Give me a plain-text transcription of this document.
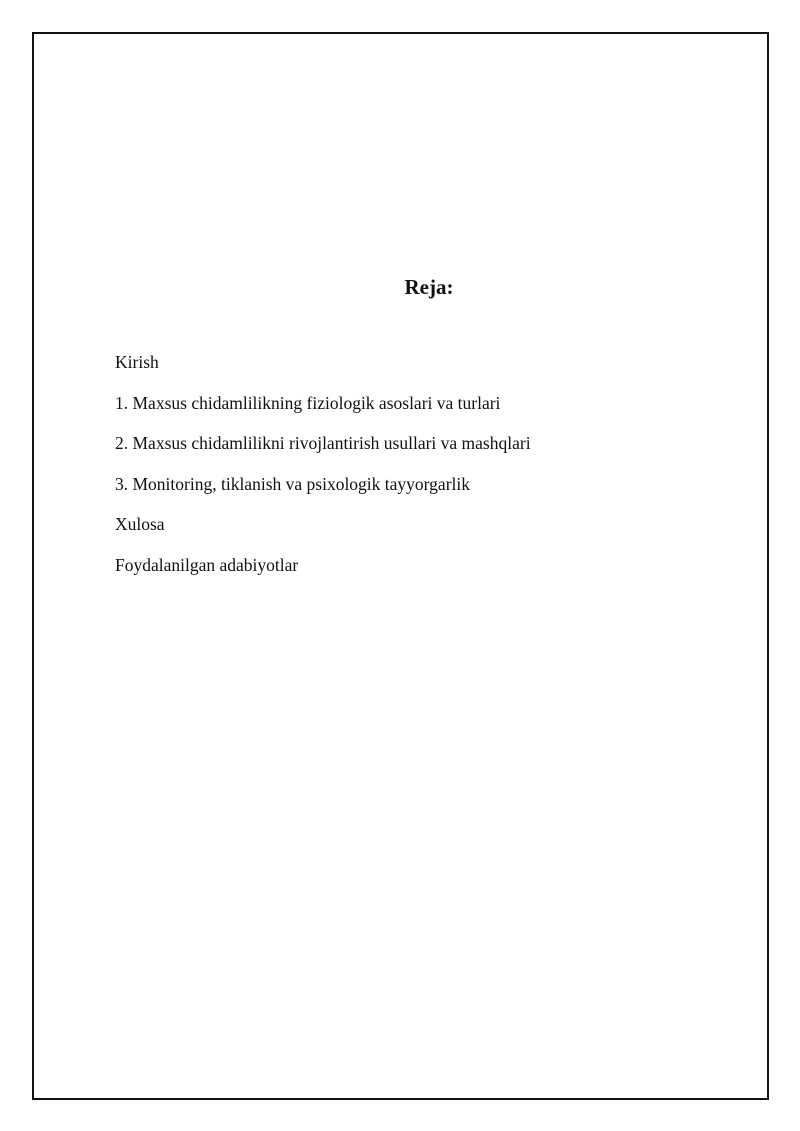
Reja:
Kirish
1. Maxsus chidamlilikning fiziologik asoslari va turlari
2. Maxsus chidamlilikni rivojlantirish usullari va mashqlari
3. Monitoring, tiklanish va psixologik tayyorgarlik
Xulosa
Foydalanilgan adabiyotlar
